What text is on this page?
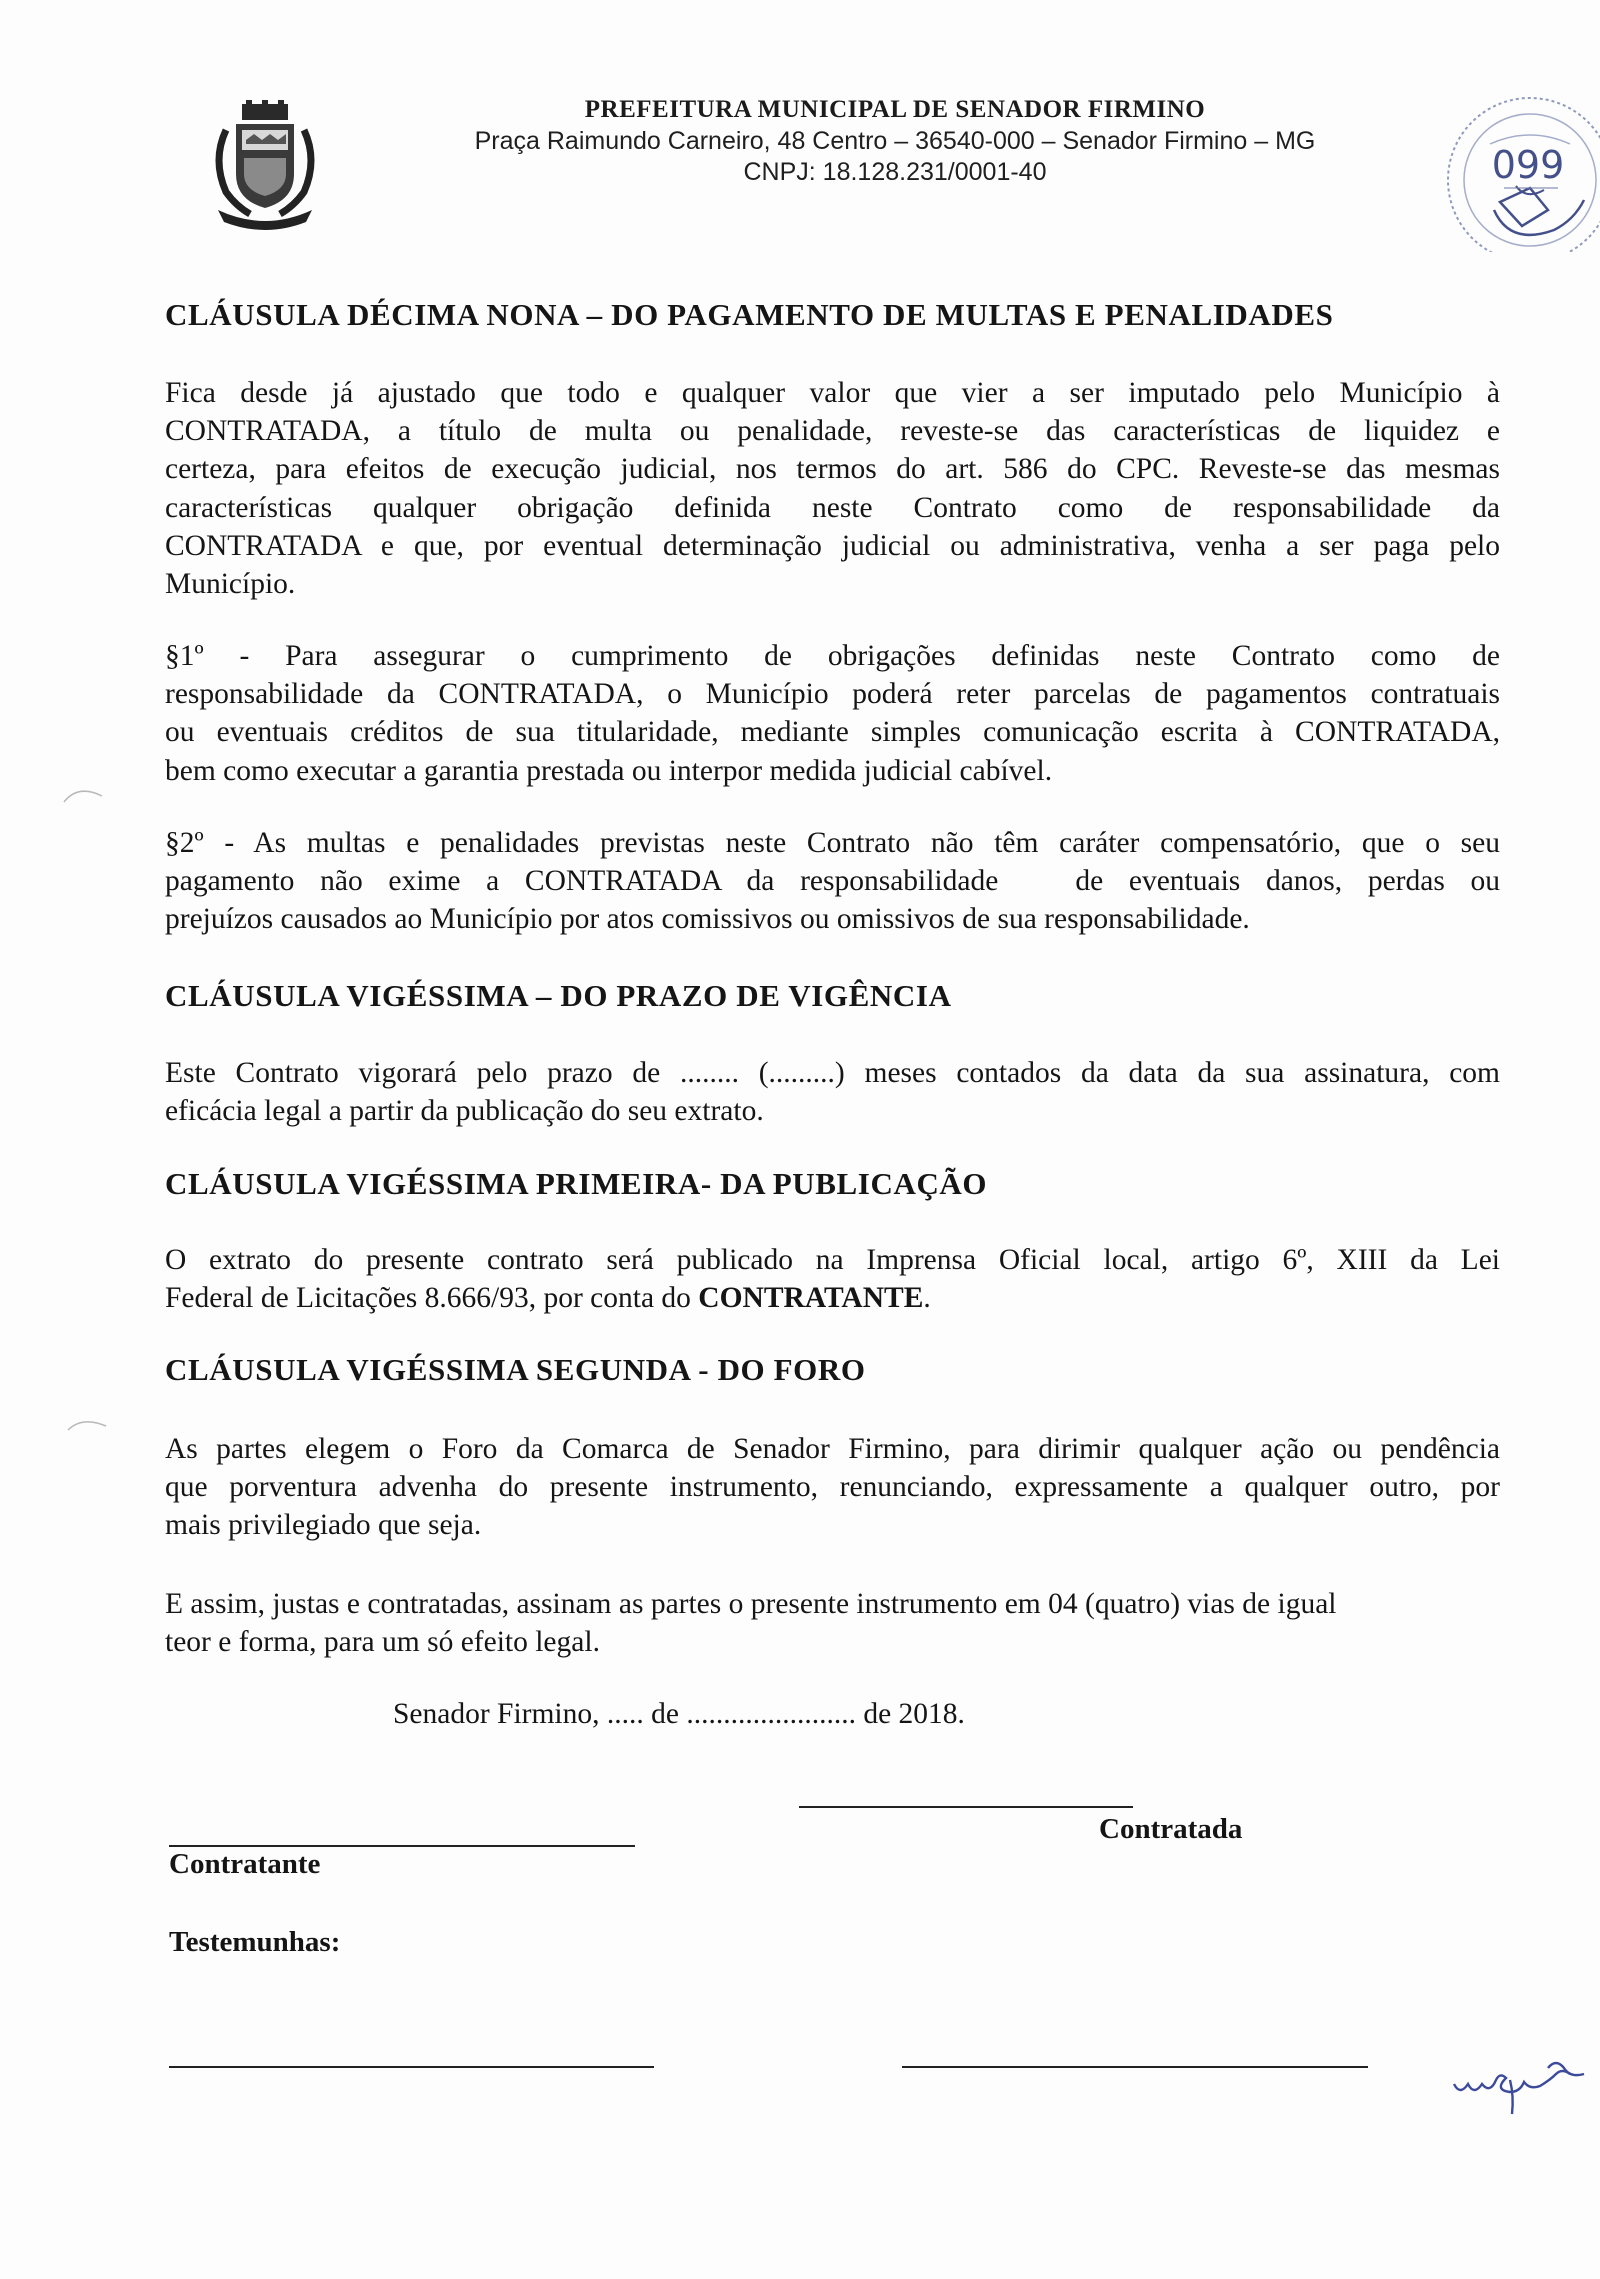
PREFEITURA MUNICIPAL DE SENADOR FIRMINO
Praça Raimundo Carneiro, 48 Centro – 36540-000 – Senador Firmino – MG
CNPJ: 18.128.231/0001-40	099
CLÁUSULA DÉCIMA NONA – DO PAGAMENTO DE MULTAS E PENALIDADES
Fica desde já ajustado que todo e qualquer valor que vier a ser imputado pelo Município à
CONTRATADA, a título de multa ou penalidade, reveste-se das características de liquidez e
certeza, para efeitos de execução judicial, nos termos do art. 586 do CPC. Reveste-se das mesmas
características qualquer obrigação definida neste Contrato como de responsabilidade da
CONTRATADA e que, por eventual determinação judicial ou administrativa, venha a ser paga pelo
Município.
§1º - Para assegurar o cumprimento de obrigações definidas neste Contrato como de
responsabilidade da CONTRATADA, o Município poderá reter parcelas de pagamentos contratuais
ou eventuais créditos de sua titularidade, mediante simples comunicação escrita à CONTRATADA,
bem como executar a garantia prestada ou interpor medida judicial cabível.
§2º - As multas e penalidades previstas neste Contrato não têm caráter compensatório, que o seu
pagamento não exime a CONTRATADA da responsabilidade   de eventuais danos, perdas ou
prejuízos causados ao Município por atos comissivos ou omissivos de sua responsabilidade.
CLÁUSULA VIGÉSSIMA – DO PRAZO DE VIGÊNCIA
Este Contrato vigorará pelo prazo de ........ (.........) meses contados da data da sua assinatura, com
eficácia legal a partir da publicação do seu extrato.
CLÁUSULA VIGÉSSIMA PRIMEIRA- DA PUBLICAÇÃO
O extrato do presente contrato será publicado na Imprensa Oficial local, artigo 6º, XIII da Lei
Federal de Licitações 8.666/93, por conta do CONTRATANTE.
CLÁUSULA VIGÉSSIMA SEGUNDA - DO FORO
As partes elegem o Foro da Comarca de Senador Firmino, para dirimir qualquer ação ou pendência
que porventura advenha do presente instrumento, renunciando, expressamente a qualquer outro, por
mais privilegiado que seja.
E assim, justas e contratadas, assinam as partes o presente instrumento em 04 (quatro) vias de igual
teor e forma, para um só efeito legal.
Senador Firmino, ..... de ....................... de 2018.
Contratada
Contratante
Testemunhas:
